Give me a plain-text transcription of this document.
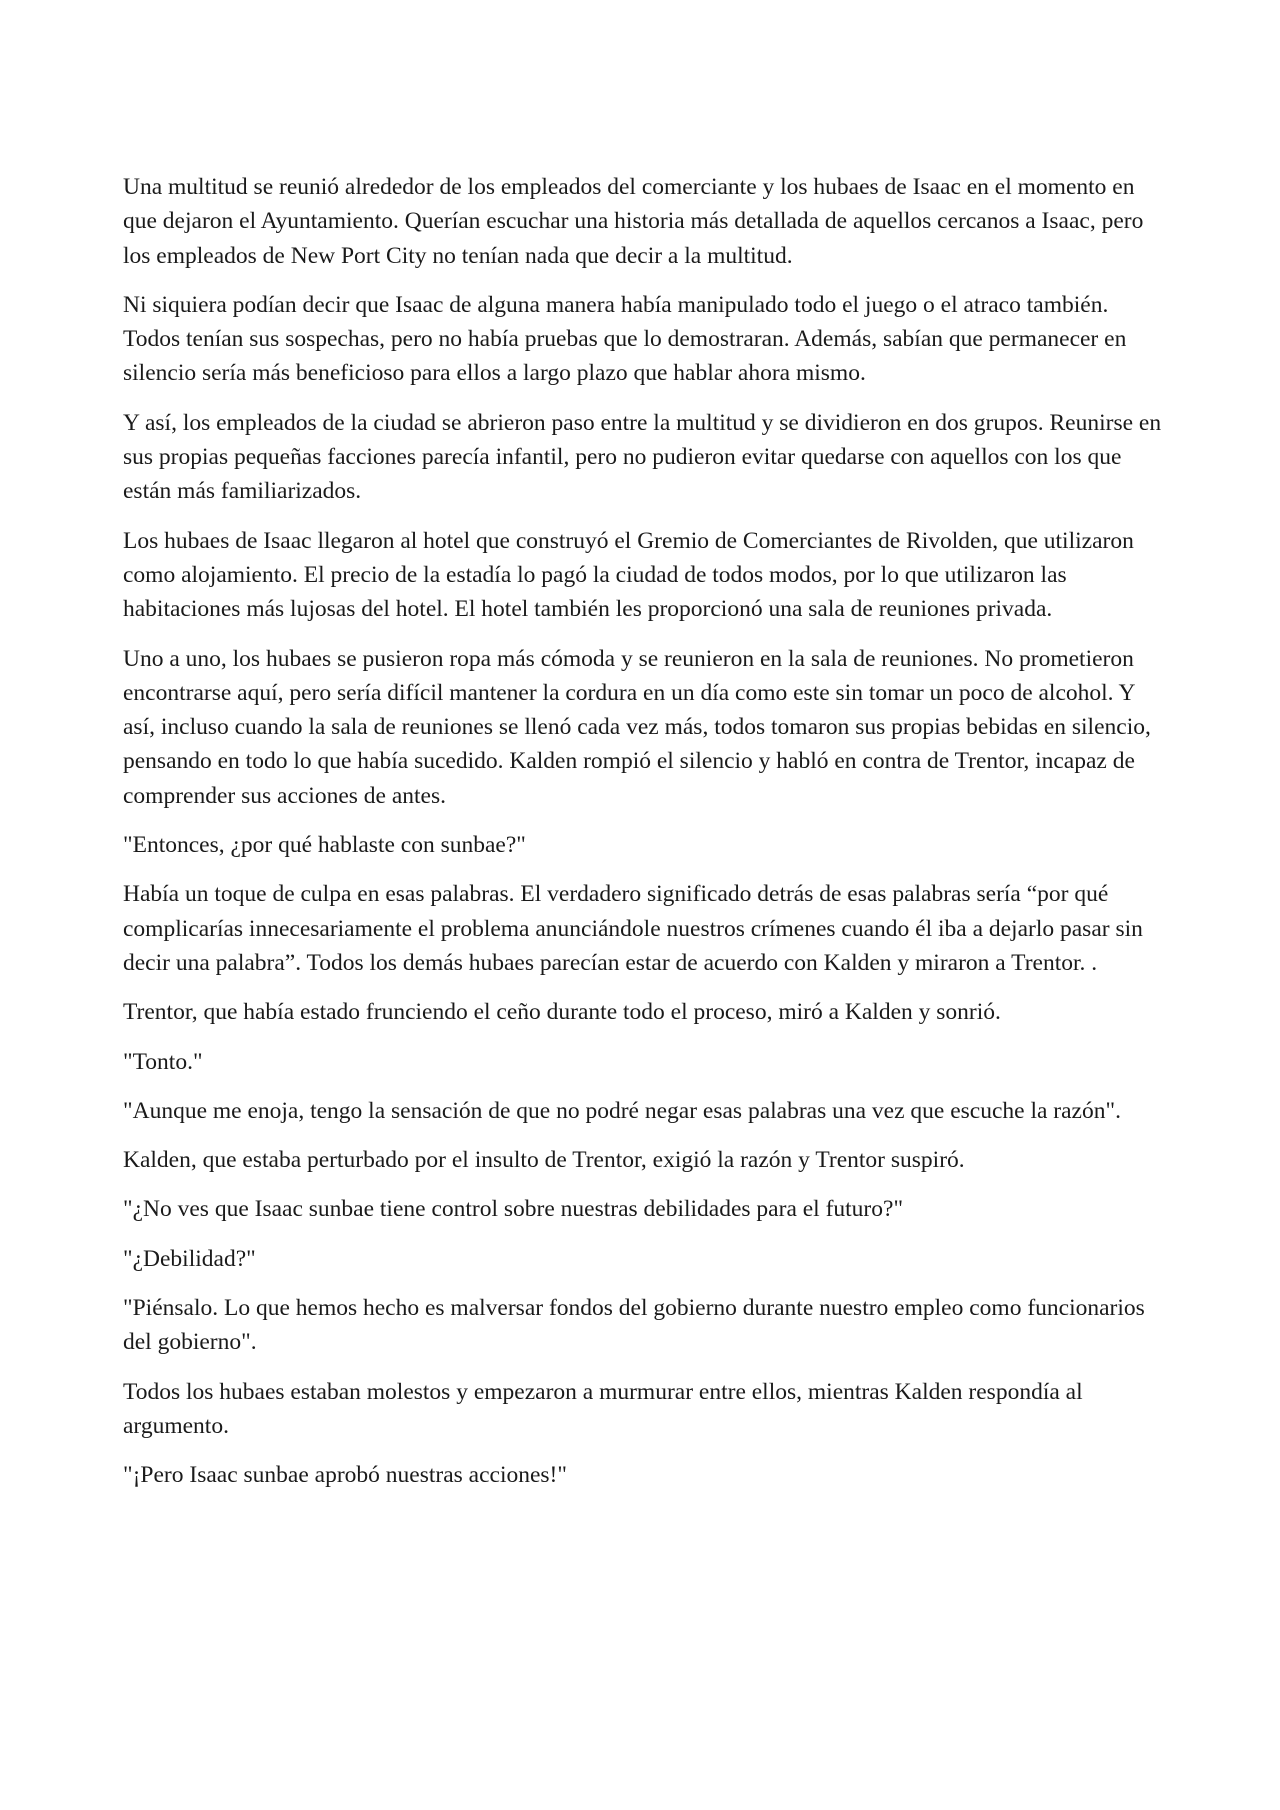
Una multitud se reunió alrededor de los empleados del comerciante y los hubaes de Isaac en el momento en que dejaron el Ayuntamiento. Querían escuchar una historia más detallada de aquellos cercanos a Isaac, pero los empleados de New Port City no tenían nada que decir a la multitud.

Ni siquiera podían decir que Isaac de alguna manera había manipulado todo el juego o el atraco también. Todos tenían sus sospechas, pero no había pruebas que lo demostraran. Además, sabían que permanecer en silencio sería más beneficioso para ellos a largo plazo que hablar ahora mismo.

Y así, los empleados de la ciudad se abrieron paso entre la multitud y se dividieron en dos grupos. Reunirse en sus propias pequeñas facciones parecía infantil, pero no pudieron evitar quedarse con aquellos con los que están más familiarizados.

Los hubaes de Isaac llegaron al hotel que construyó el Gremio de Comerciantes de Rivolden, que utilizaron como alojamiento. El precio de la estadía lo pagó la ciudad de todos modos, por lo que utilizaron las habitaciones más lujosas del hotel. El hotel también les proporcionó una sala de reuniones privada.

Uno a uno, los hubaes se pusieron ropa más cómoda y se reunieron en la sala de reuniones. No prometieron encontrarse aquí, pero sería difícil mantener la cordura en un día como este sin tomar un poco de alcohol. Y así, incluso cuando la sala de reuniones se llenó cada vez más, todos tomaron sus propias bebidas en silencio, pensando en todo lo que había sucedido. Kalden rompió el silencio y habló en contra de Trentor, incapaz de comprender sus acciones de antes.

"Entonces, ¿por qué hablaste con sunbae?"

Había un toque de culpa en esas palabras. El verdadero significado detrás de esas palabras sería “por qué complicarías innecesariamente el problema anunciándole nuestros crímenes cuando él iba a dejarlo pasar sin decir una palabra”. Todos los demás hubaes parecían estar de acuerdo con Kalden y miraron a Trentor. .

Trentor, que había estado frunciendo el ceño durante todo el proceso, miró a Kalden y sonrió.

"Tonto."

"Aunque me enoja, tengo la sensación de que no podré negar esas palabras una vez que escuche la razón".

Kalden, que estaba perturbado por el insulto de Trentor, exigió la razón y Trentor suspiró.

"¿No ves que Isaac sunbae tiene control sobre nuestras debilidades para el futuro?"

"¿Debilidad?"

"Piénsalo. Lo que hemos hecho es malversar fondos del gobierno durante nuestro empleo como funcionarios del gobierno".

Todos los hubaes estaban molestos y empezaron a murmurar entre ellos, mientras Kalden respondía al argumento.

"¡Pero Isaac sunbae aprobó nuestras acciones!"
